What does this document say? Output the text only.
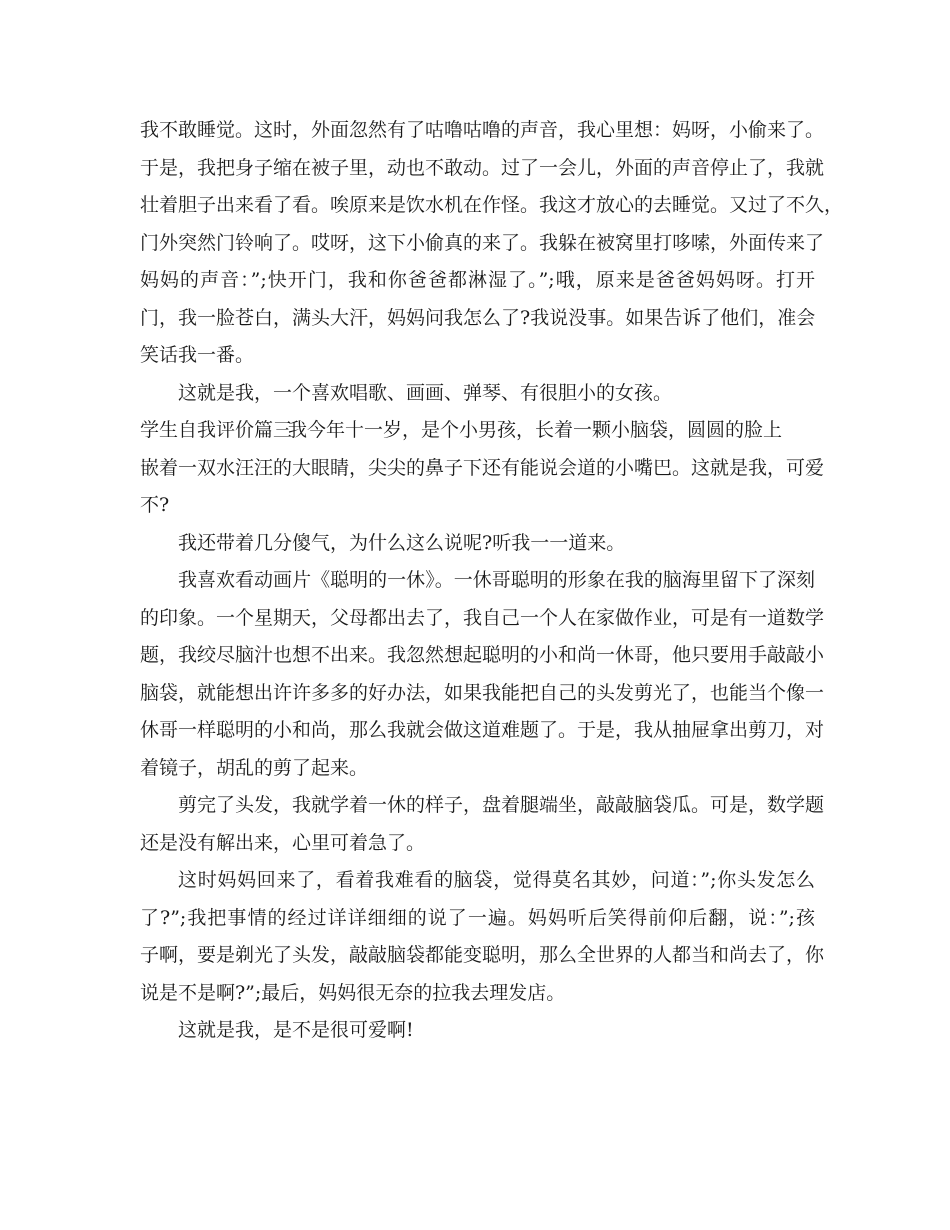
我不敢睡觉。这时，外面忽然有了咕噜咕噜的声音，我心里想：妈呀，小偷来了。
于是，我把身子缩在被子里，动也不敢动。过了一会儿，外面的声音停止了，我就
壮着胆子出来看了看。唉原来是饮水机在作怪。我这才放心的去睡觉。又过了不久，
门外突然门铃响了。哎呀，这下小偷真的来了。我躲在被窝里打哆嗦，外面传来了
妈妈的声音：”;快开门，我和你爸爸都淋湿了。”;哦，原来是爸爸妈妈呀。打开
门，我一脸苍白，满头大汗，妈妈问我怎么了?我说没事。如果告诉了他们，准会
笑话我一番。
这就是我，一个喜欢唱歌、画画、弹琴、有很胆小的女孩。
学生自我评价篇三我今年十一岁，是个小男孩，长着一颗小脑袋，圆圆的脸上
嵌着一双水汪汪的大眼睛，尖尖的鼻子下还有能说会道的小嘴巴。这就是我，可爱
不?
我还带着几分傻气，为什么这么说呢?听我一一道来。
我喜欢看动画片《聪明的一休》。一休哥聪明的形象在我的脑海里留下了深刻
的印象。一个星期天，父母都出去了，我自己一个人在家做作业，可是有一道数学
题，我绞尽脑汁也想不出来。我忽然想起聪明的小和尚一休哥，他只要用手敲敲小
脑袋，就能想出许许多多的好办法，如果我能把自己的头发剪光了，也能当个像一
休哥一样聪明的小和尚，那么我就会做这道难题了。于是，我从抽屉拿出剪刀，对
着镜子，胡乱的剪了起来。
剪完了头发，我就学着一休的样子，盘着腿端坐，敲敲脑袋瓜。可是，数学题
还是没有解出来，心里可着急了。
这时妈妈回来了，看着我难看的脑袋，觉得莫名其妙，问道：”;你头发怎么
了?”;我把事情的经过详详细细的说了一遍。妈妈听后笑得前仰后翻，说：”;孩
子啊，要是剃光了头发，敲敲脑袋都能变聪明，那么全世界的人都当和尚去了，你
说是不是啊?”;最后，妈妈很无奈的拉我去理发店。
这就是我，是不是很可爱啊!
